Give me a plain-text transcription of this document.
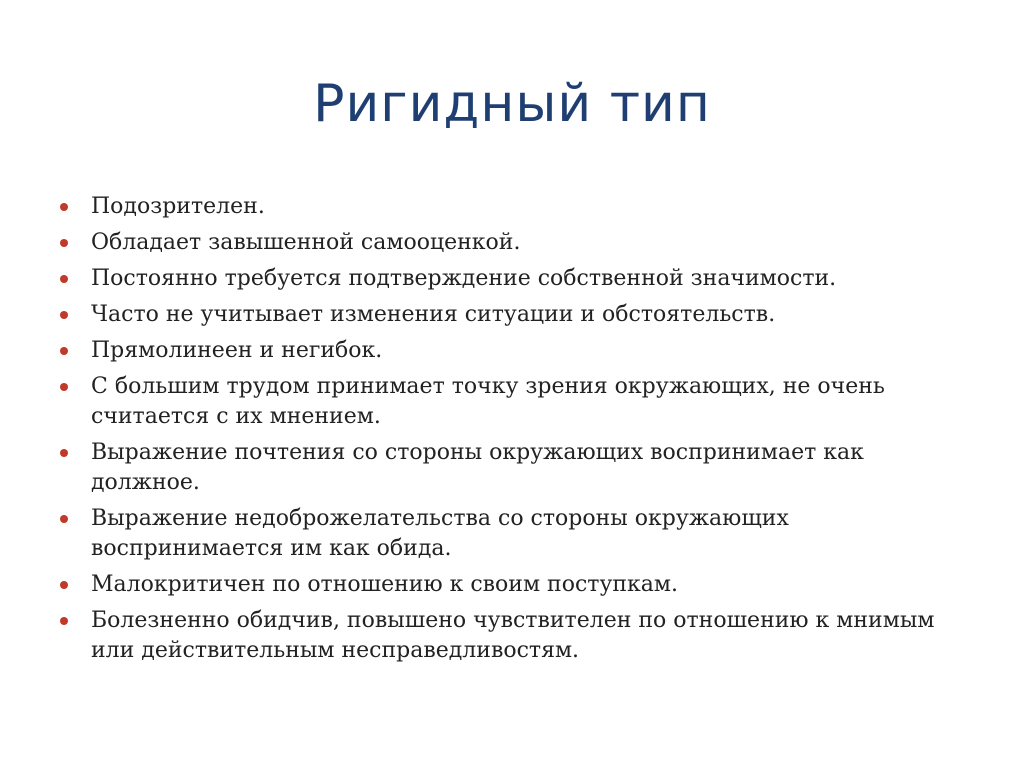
Ригидный тип
Подозрителен.
Обладает завышенной самооценкой.
Постоянно требуется подтверждение собственной значимости.
Часто не учитывает изменения ситуации и обстоятельств.
Прямолинеен и негибок.
С большим трудом принимает точку зрения окружающих, не очень считается с их мнением.
Выражение почтения со стороны окружающих воспринимает как должное.
Выражение недоброжелательства со стороны окружающих воспринимается им как обида.
Малокритичен по отношению к своим поступкам.
Болезненно обидчив, повышено чувствителен по отношению к мнимым или действительным несправедливостям.
